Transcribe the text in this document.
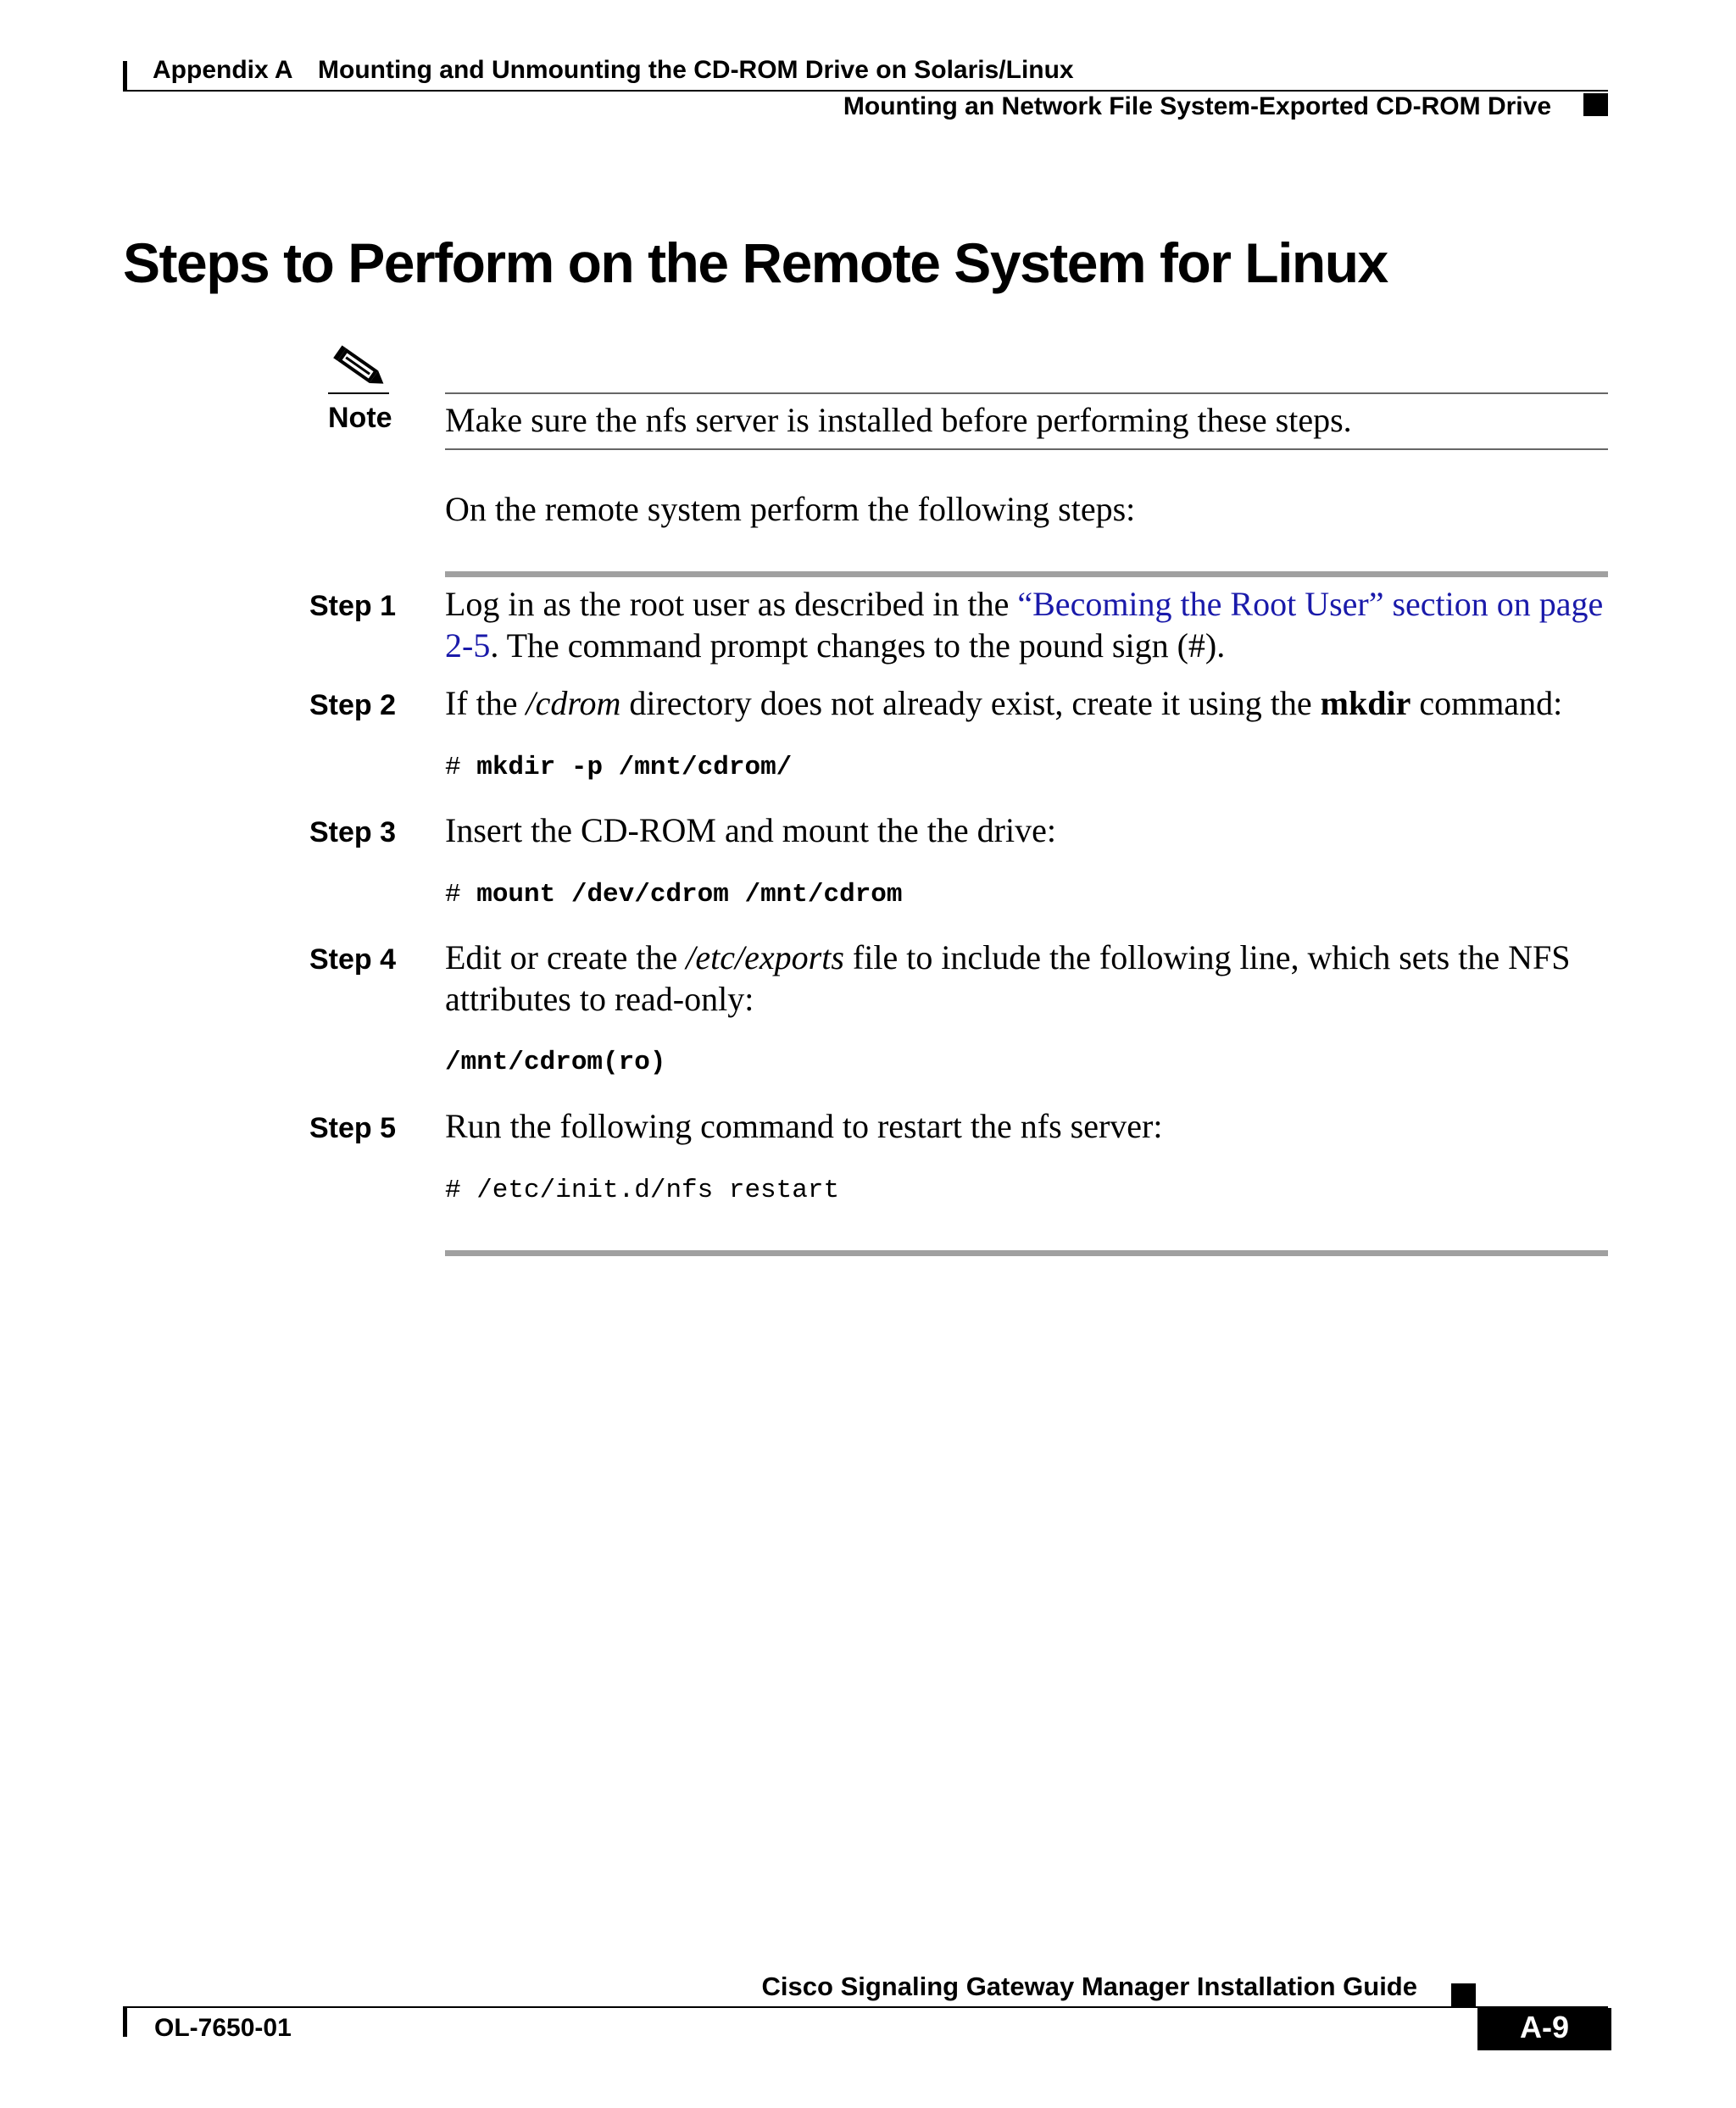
Appendix A Mounting and Unmounting the CD-ROM Drive on Solaris/Linux
Mounting an Network File System-Exported CD-ROM Drive
Steps to Perform on the Remote System for Linux
Note Make sure the nfs server is installed before performing these steps.
On the remote system perform the following steps:
Step 1 Log in as the root user as described in the “Becoming the Root User” section on page 2-5. The command prompt changes to the pound sign (#).
Step 2 If the /cdrom directory does not already exist, create it using the mkdir command:
# mkdir -p /mnt/cdrom/
Step 3 Insert the CD-ROM and mount the the drive:
# mount /dev/cdrom /mnt/cdrom
Step 4 Edit or create the /etc/exports file to include the following line, which sets the NFS attributes to read-only:
/mnt/cdrom(ro)
Step 5 Run the following command to restart the nfs server:
# /etc/init.d/nfs restart
Cisco Signaling Gateway Manager Installation Guide
OL-7650-01	A-9
